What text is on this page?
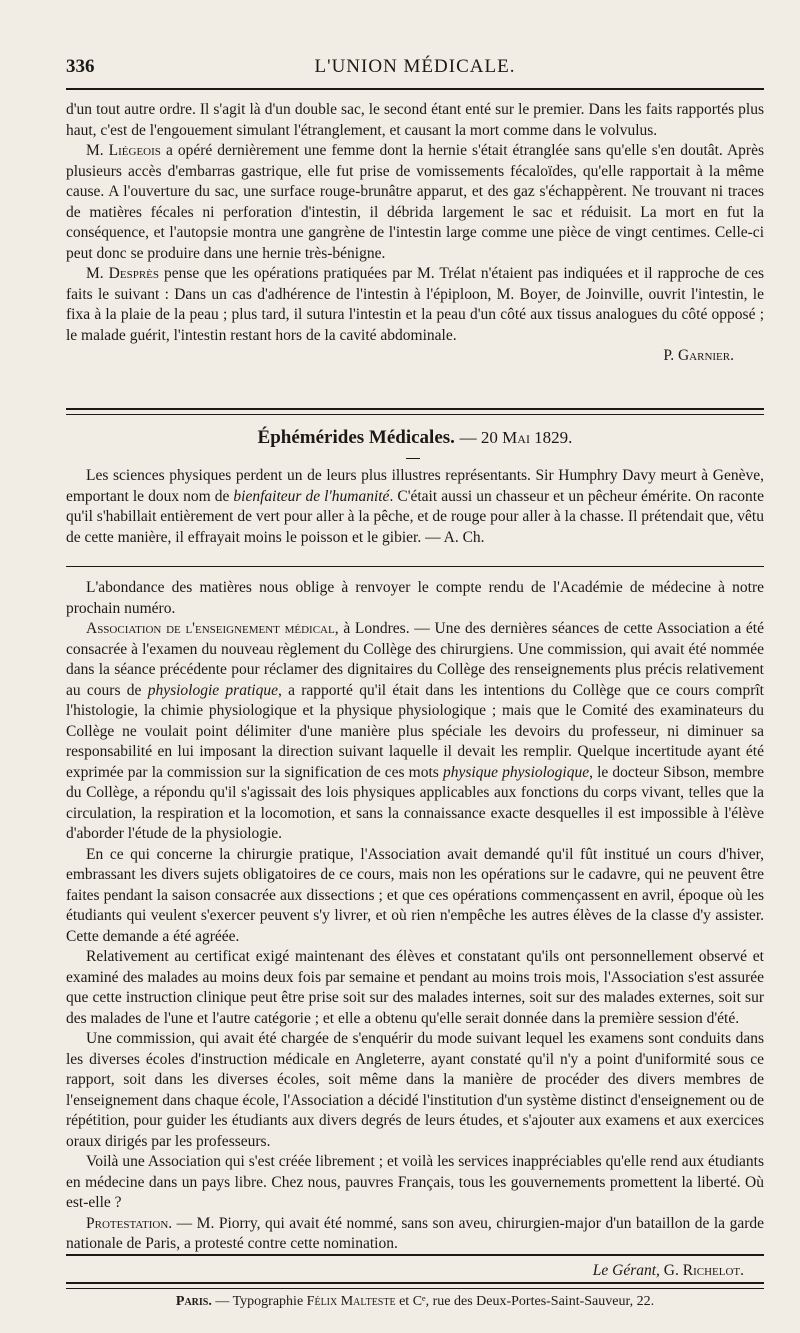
336	L'UNION MÉDICALE.

d'un tout autre ordre. Il s'agit là d'un double sac, le second étant enté sur le premier. Dans les faits rapportés plus haut, c'est de l'engouement simulant l'étranglement, et causant la mort comme dans le volvulus.

M. Liégeois a opéré dernièrement une femme dont la hernie s'était étranglée sans qu'elle s'en doutât. Après plusieurs accès d'embarras gastrique, elle fut prise de vomissements fécaloïdes, qu'elle rapportait à la même cause. A l'ouverture du sac, une surface rouge-brunâtre apparut, et des gaz s'échappèrent. Ne trouvant ni traces de matières fécales ni perforation d'intestin, il débrida largement le sac et réduisit. La mort en fut la conséquence, et l'autopsie montra une gangrène de l'intestin large comme une pièce de vingt centimes. Celle-ci peut donc se produire dans une hernie très-bénigne.

M. Desprès pense que les opérations pratiquées par M. Trélat n'étaient pas indiquées et il rapproche de ces faits le suivant : Dans un cas d'adhérence de l'intestin à l'épiploon, M. Boyer, de Joinville, ouvrit l'intestin, le fixa à la plaie de la peau ; plus tard, il sutura l'intestin et la peau d'un côté aux tissus analogues du côté opposé ; le malade guérit, l'intestin restant hors de la cavité abdominale.

P. Garnier.
Éphémérides Médicales. — 20 Mai 1829.

Les sciences physiques perdent un de leurs plus illustres représentants. Sir Humphry Davy meurt à Genève, emportant le doux nom de bienfaiteur de l'humanité. C'était aussi un chasseur et un pêcheur émérite. On raconte qu'il s'habillait entièrement de vert pour aller à la pêche, et de rouge pour aller à la chasse. Il prétendait que, vêtu de cette manière, il effrayait moins le poisson et le gibier. — A. Ch.

L'abondance des matières nous oblige à renvoyer le compte rendu de l'Académie de médecine à notre prochain numéro.

Association de l'enseignement médical, à Londres. — Une des dernières séances de cette Association a été consacrée à l'examen du nouveau règlement du Collège des chirurgiens. Une commission, qui avait été nommée dans la séance précédente pour réclamer des dignitaires du Collège des renseignements plus précis relativement au cours de physiologie pratique, a rapporté qu'il était dans les intentions du Collège que ce cours comprît l'histologie, la chimie physiologique et la physique physiologique ; mais que le Comité des examinateurs du Collège ne voulait point délimiter d'une manière plus spéciale les devoirs du professeur, ni diminuer sa responsabilité en lui imposant la direction suivant laquelle il devait les remplir. Quelque incertitude ayant été exprimée par la commission sur la signification de ces mots physique physiologique, le docteur Sibson, membre du Collège, a répondu qu'il s'agissait des lois physiques applicables aux fonctions du corps vivant, telles que la circulation, la respiration et la locomotion, et sans la connaissance exacte desquelles il est impossible à l'élève d'aborder l'étude de la physiologie.

En ce qui concerne la chirurgie pratique, l'Association avait demandé qu'il fût institué un cours d'hiver, embrassant les divers sujets obligatoires de ce cours, mais non les opérations sur le cadavre, qui ne peuvent être faites pendant la saison consacrée aux dissections ; et que ces opérations commençassent en avril, époque où les étudiants qui veulent s'exercer peuvent s'y livrer, et où rien n'empêche les autres élèves de la classe d'y assister. Cette demande a été agréée.

Relativement au certificat exigé maintenant des élèves et constatant qu'ils ont personnellement observé et examiné des malades au moins deux fois par semaine et pendant au moins trois mois, l'Association s'est assurée que cette instruction clinique peut être prise soit sur des malades internes, soit sur des malades externes, soit sur des malades de l'une et l'autre catégorie ; et elle a obtenu qu'elle serait donnée dans la première session d'été.

Une commission, qui avait été chargée de s'enquérir du mode suivant lequel les examens sont conduits dans les diverses écoles d'instruction médicale en Angleterre, ayant constaté qu'il n'y a point d'uniformité sous ce rapport, soit dans les diverses écoles, soit même dans la manière de procéder des divers membres de l'enseignement dans chaque école, l'Association a décidé l'institution d'un système distinct d'enseignement ou de répétition, pour guider les étudiants aux divers degrés de leurs études, et s'ajouter aux examens et aux exercices oraux dirigés par les professeurs.

Voilà une Association qui s'est créée librement ; et voilà les services inappréciables qu'elle rend aux étudiants en médecine dans un pays libre. Chez nous, pauvres Français, tous les gouvernements promettent la liberté. Où est-elle ?

Protestation. — M. Piorry, qui avait été nommé, sans son aveu, chirurgien-major d'un bataillon de la garde nationale de Paris, a protesté contre cette nomination.

Le Gérant, G. Richelot.
Paris. — Typographie Félix Malteste et Cᵉ, rue des Deux-Portes-Saint-Sauveur, 22.
